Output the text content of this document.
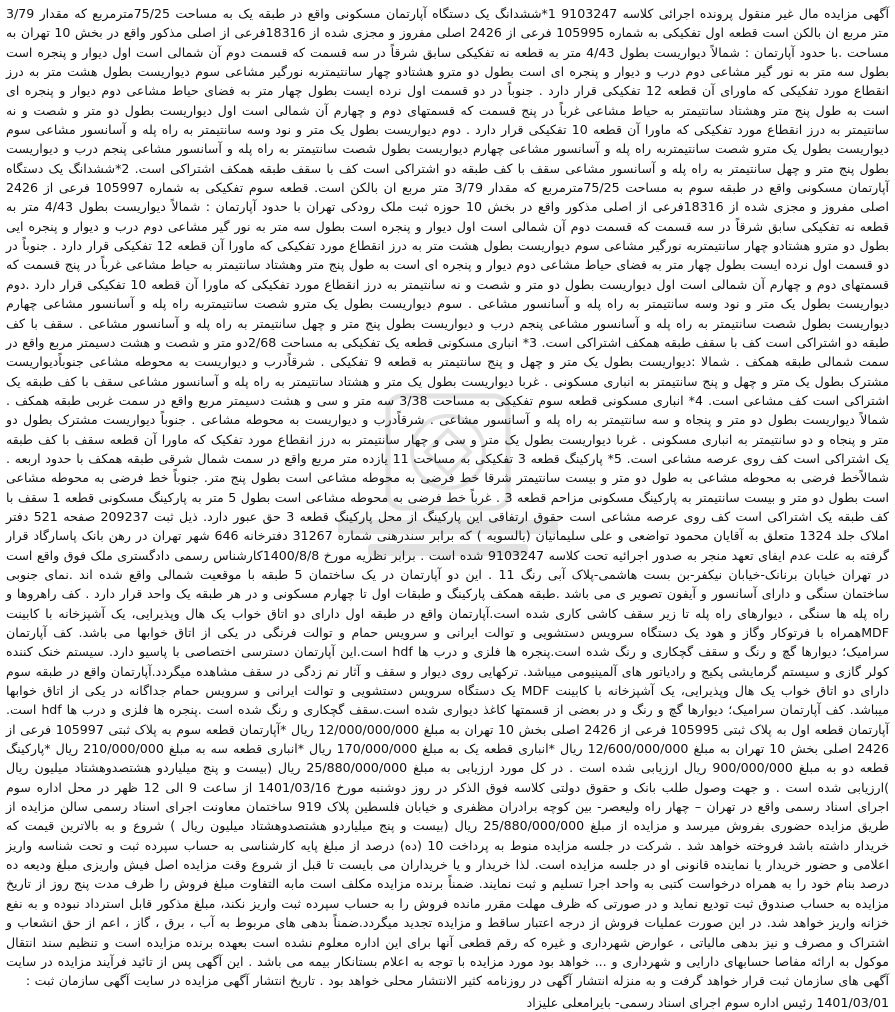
آگهی مزایده مال غیر منقول پرونده اجرائی کلاسه 9103247 1*ششدانگ یک دستگاه آپارتمان مسکونی واقع در طبقه یک به مساحت 75/25مترمربع که مقدار 3/79 متر مربع ان بالکن است قطعه اول تفکیکی به شماره 105995 فرعی از 2426 اصلی مفروز و مجزی شده از 18316فرعی از اصلی مذکور واقع در بخش 10 تهران به مساحت .با حدود آپارتمان : شمالاً دیواریست بطول 4/43 متر به قطعه نه تفکیکی سابق شرقاً در سه قسمت که قسمت دوم آن شمالی است اول دیوار و پنجره است بطول سه متر به نور گیر مشاعی دوم درب و دیوار و پنجره ای است بطول دو مترو هشتادو چهار سانتیمتربه نورگیر مشاعی سوم دیواریست بطول هشت متر به درز انقطاع مورد تفکیکی که ماورای آن قطعه 12 تفکیکی قرار دارد . جنوباً در دو قسمت اول نرده ایست بطول چهار متر به فضای حیاط مشاعی دوم دیوار و پنجره ای است به طول پنج متر وهشتاد سانتیمتر به حیاط مشاعی غرباً در پنج قسمت که قسمتهای دوم و چهارم آن شمالی است اول دیواریست بطول دو متر و شصت و نه سانتیمتر به درز انقطاع مورد تفکیکی که ماورا آن قطعه 10 تفکیکی قرار دارد . دوم دیواریست بطول یک متر و نود وسه سانتیمتر به راه پله و آسانسور مشاعی سوم دیواریست بطول یک مترو شصت سانتیمتربه راه پله و آسانسور مشاعی چهارم دیواریست بطول شصت سانتیمتر به راه پله و آسانسور مشاعی پنجم درب و دیواریست بطول پنج متر و چهل سانتیمتر به راه پله و آسانسور مشاعی سقف با کف طبقه دو اشتراکی است کف با سقف طبقه همکف اشتراکی است. 2*ششدانگ یک دستگاه آپارتمان مسکونی واقع در طبقه سوم به مساحت 75/25مترمربع که مقدار 3/79 متر مربع ان بالکن است. قطعه سوم تفکیکی به شماره 105997 فرعی از 2426 اصلی مفروز و مجزی شده از 18316فرعی از اصلی مذکور واقع در بخش 10 حوزه ثبت ملک رودکی تهران با حدود آپارتمان : شمالاً دیواریست بطول 4/43 متر به قطعه نه تفکیکی سابق شرقاً در سه قسمت که قسمت دوم آن شمالی است اول دیوار و پنجره است بطول سه متر به نور گیر مشاعی دوم درب و دیوار و پنجره ایی بطول دو مترو هشتادو چهار سانتیمتربه نورگیر مشاعی سوم دیواریست بطول هشت متر به درز انقطاع مورد تفکیکی که ماورا آن قطعه 12 تفکیکی قرار دارد . جنوباً در دو قسمت اول نرده ایست بطول چهار متر به فضای حیاط مشاعی دوم دیوار و پنجره ای است به طول پنج متر وهشتاد سانتیمتر به حیاط مشاعی غرباً در پنج قسمت که قسمتهای دوم و چهارم آن شمالی است اول دیواریست بطول دو متر و شصت و نه سانتیمتر به درز انقطاع مورد تفکیکی که ماورا آن قطعه 10 تفکیکی قرار دارد .دوم دیواریست بطول یک متر و نود وسه سانتیمتر به راه پله و آسانسور مشاعی . سوم دیواریست بطول یک مترو شصت سانتیمتربه راه پله و آسانسور مشاعی چهارم دیواریست بطول شصت سانتیمتر به راه پله و آسانسور مشاعی پنجم درب و دیواریست بطول پنج متر و چهل سانتیمتر به راه پله و آسانسور مشاعی . سقف با کف طبقه دو اشتراکی است کف با سقف طبقه همکف اشتراکی است. 3* انباری مسکونی قطعه یک تفکیکی به مساحت 2/68دو متر و شصت و هشت دسیمتر مربع واقع در سمت شمالی طبقه همکف . شمالا :دیواریست بطول یک متر و چهل و پنج سانتیمتر به قطعه 9 تفکیکی . شرقاًدرب و دیواریست به محوطه مشاعی جنوباًدیواریست مشترک بطول یک متر و چهل و پنج سانتیمتر به انباری مسکونی . غربا دیواریست بطول یک متر و هشتاد سانتیمتر به راه پله و آسانسور مشاعی سقف با کف طبقه یک اشتراکی است کف مشاعی است. 4* انباری مسکونی قطعه سوم تفکیکی به مساحت 3/38 سه متر و سی و هشت دسیمتر مربع واقع در سمت غربی طبقه همکف . شمالاً دیواریست بطول دو متر و پنجاه و سه سانتیمتر به راه پله و آسانسور مشاعی . شرقاًدرب و دیواریست به محوطه مشاعی . جنوباً دیواریست مشترک بطول دو متر و پنجاه و دو سانتیمتر به انباری مسکونی . غربا دیواریست بطول یک متر و سی و چهار سانتیمتر به درز انقطاع مورد تفکیک که ماورا آن قطعه سقف با کف طبقه یک اشتراکی است کف روی عرصه مشاعی است. 5* پارکینگ قطعه 3 تفکیکی به مساحت 11 یازده متر مربع واقع در سمت شمال شرقی طبقه همکف با حدود اربعه . شمالاًخط فرضی به محوطه مشاعی به طول دو متر و بیست سانتیمتر شرقا خط فرضی به محوطه مشاعی است بطول پنج متر. جنوباً خط فرضی به محوطه مشاعی است بطول دو متر و بیست سانتیمتر به پارکینگ مسکونی مزاحم قطعه 3 . غرباً خط فرضی به محوطه مشاعی است بطول 5 متر به پارکینگ مسکونی قطعه 1 سقف با کف طبقه یک اشتراکی است کف روی عرصه مشاعی است حقوق ارتفاقی این پارکینگ از محل پارکینگ قطعه 3 حق عبور دارد. ذیل ثبت 209237 صفحه 521 دفتر املاک جلد 1324 متعلق به آقایان محمود تواضعی و علی سلیمانیان (بالسویه ) که برابر سندرهنی شماره 31267 دفترخانه 646 شهر تهران در رهن بانک پاسارگاد قرار گرفته به علت عدم ایفای تعهد منجر به صدور اجرائیه تحت کلاسه 9103247 شده است . برابر نظریه مورخ 1400/8/8کارشناس رسمی دادگستری ملک فوق واقع است در تهران خیابان برنانک-خیابان نیکفر-بن بست هاشمی-پلاک آبی رنگ 11 . این دو آپارتمان در یک ساختمان 5 طبقه با موقعیت شمالی واقع شده اند .نمای جنوبی ساختمان سنگی و دارای آسانسور و آیفون تصویر ی می باشد .طبقه همکف پارکینگ و طبقات اول تا چهارم مسکونی و در هر طبقه یک واحد قرار دارد . کف راهروها و راه پله ها سنگی ، دیوارهای راه پله تا زیر سقف کاشی کاری شده است.آپارتمان واقع در طبقه اول دارای دو اتاق خواب یک هال وپذیرایی، یک آشپزخانه با کابینت MDFهمراه با فرتوکار وگاز و هود یک دستگاه سرویس دستشویی و توالت ایرانی و سرویس حمام و توالت فرنگی در یکی از اتاق خوابها می باشد. کف آپارتمان سرامیک؛ دیوارها گچ و رنگ و سقف گچکاری و رنگ شده است.پنجره ها فلزی و درب ها hdf است.این آپارتمان دسترسی اختصاصی با پاسیو دارد. سیستم خنک کننده کولر گازی و سیستم گرمایشی پکیج و رادیاتور های آلمینیومی میباشد. ترکهایی روی دیوار و سقف و آثار نم زدگی در سقف مشاهده میگردد.آپارتمان واقع در طبقه سوم دارای دو اتاق خواب یک هال وپذیرایی، یک آشپزخانه با کابینت MDF یک دستگاه سرویس دستشویی و توالت ایرانی و سرویس حمام جداگانه در یکی از اتاق خوابها میباشد. کف آپارتمان سرامیک؛ دیوارها گچ و رنگ و در بعضی از قسمتها کاغذ دیواری شده است.سقف گچکاری و رنگ شده است .پنجره ها فلزی و درب ها hdf است. آپارتمان قطعه اول به پلاک ثبتی 105995 فرعی از 2426 اصلی بخش 10 تهران به مبلغ 12/000/000/000 ریال *آپارتمان قطعه سوم به پلاک ثبتی 105997 فرعی از 2426 اصلی بخش 10 تهران به مبلغ 12/600/000/000 ریال *انباری قطعه یک به مبلغ 170/000/000 ریال *انباری قطعه سه به مبلغ 210/000/000 ریال *پارکینگ قطعه دو به مبلغ 900/000/000 ریال ارزیابی شده است . در کل مورد ارزیابی به مبلغ 25/880/000/000 ریال (بیست و پنج میلیاردو هشتصدوهشتاد میلیون ریال )ارزیابی شده است . و جهت وصول طلب بانک و حقوق دولتی کلاسه فوق الذکر در روز دوشنبه مورخ 1401/03/16 از ساعت 9 الی 12 ظهر در محل اداره سوم اجرای اسناد رسمی واقع در تهران – چهار راه ولیعصر- بین کوچه برادران مظفری و خیابان فلسطین پلاک 919 ساختمان معاونت اجرای اسناد رسمی سالن مزایده از طریق مزایده حضوری بفروش میرسد و مزایده از مبلغ 25/880/000/000 ریال (بیست و پنج میلیاردو هشتصدوهشتاد میلیون ریال ) شروع و به بالاترین قیمت که خریدار داشته باشد فروخته خواهد شد . شرکت در جلسه مزایده منوط به پرداخت 10 (ده) درصد از مبلغ پایه کارشناسی به حساب سپرده ثبت و تحت شناسه واریز اعلامی و حضور خریدار یا نماینده قانونی او در جلسه مزایده است. لذا خریدار و یا خریداران می بایست تا قبل از شروع وقت مزایده اصل فیش واریزی مبلغ ودیعه ده درصد بنام خود را به همراه درخواست کتبی به واحد اجرا تسلیم و ثبت نمایند. ضمناً برنده مزایده مکلف است مابه التفاوت مبلغ فروش را ظرف مدت پنج روز از تاریخ مزایده به حساب صندوق ثبت تودیع نماید و در صورتی که ظرف مهلت مقرر مانده فروش را به حساب سپرده ثبت واریز نکند، مبلغ مذکور قابل استرداد نبوده و به نفع خزانه واریز خواهد شد. در این صورت عملیات فروش از درجه اعتبار ساقط و مزایده تجدید میگردد.ضمناً بدهی های مربوط به آب ، برق ، گاز ، اعم از حق انشعاب و اشتراک و مصرف و نیز بدهی مالیاتی ، عوارض شهرداری و غیره که رقم قطعی آنها برای این اداره معلوم نشده است بعهده برنده مزایده است و تنظیم سند انتقال موکول به ارائه مفاصا حسابهای دارایی و شهرداری و ... خواهد بود مورد مزایده با توجه به اعلام بستانکار بیمه می باشد . این آگهی پس از تائید فرآیند مزایده در سایت آگهی های سازمان ثبت قرار خواهد گرفت و به منزله انتشار آگهی در روزنامه کثیر الانتشار محلی خواهد بود . تاریخ انتشار آگهی مزایده در سایت آگهی سازمان ثبت :

1401/03/01 رئیس اداره سوم اجرای اسناد رسمی- بایرامعلی علیزاد
